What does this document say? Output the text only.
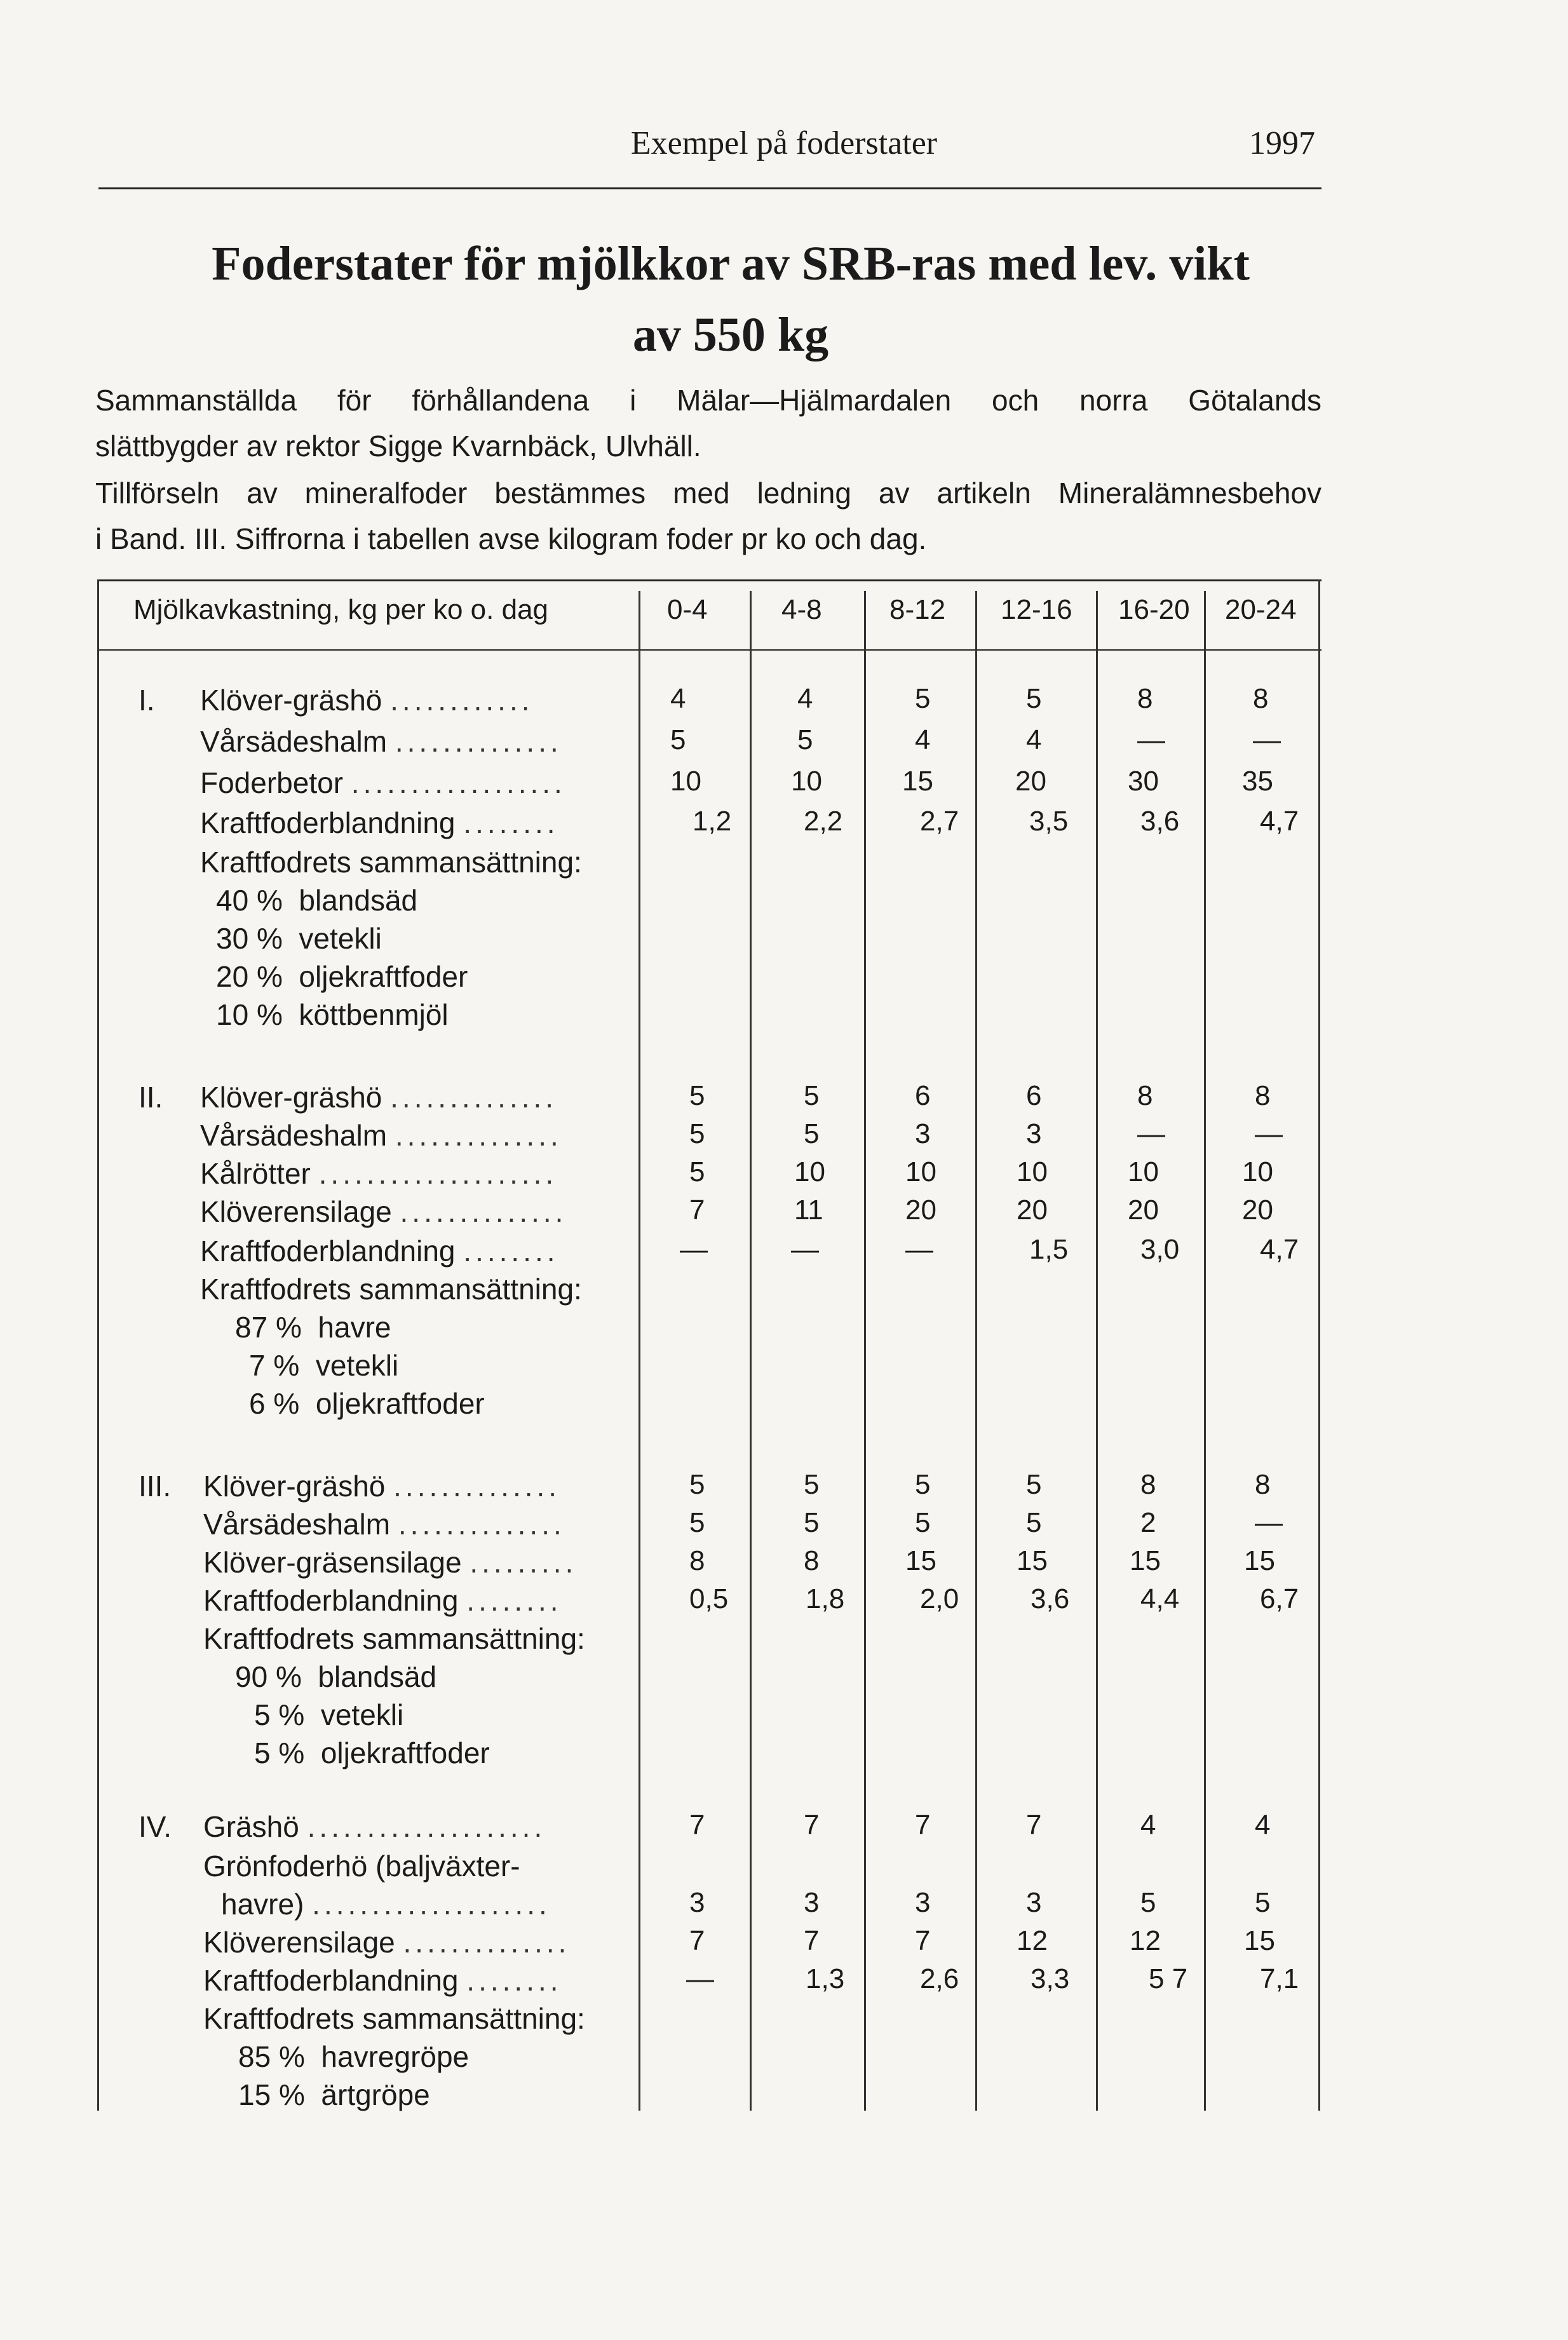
Exempel på foderstater	1997
Foderstater för mjölkkor av SRB-ras med lev. vikt
av 550 kg
Sammanställda för förhållandena i Mälar—Hjälmardalen och norra Götalands
slättbygder av rektor Sigge Kvarnbäck, Ulvhäll.
Tillförseln av mineralfoder bestämmes med ledning av artikeln Mineralämnesbehov
i Band. III. Siffrorna i tabellen avse kilogram foder pr ko och dag.
Mjölkavkastning, kg per ko o. dag	0-4	4-8 8-12 12-16 16-20 20-24
I. Klöver-gräshö ............	4	4	5	5	8	8
Vårsädeshalm ..............	5	5	4	4	—	—
Foderbetor ..................	10	10	15	20	30	35
Kraftfoderblandning ........	1,2	2,2	2,7	3,5	3,6	4,7
Kraftfodrets sammansättning:
40 % blandsäd
30 % vetekli
20 % oljekraftfoder
10 % köttbenmjöl
II. Klöver-gräshö ..............	5	5	6	6	8	8
Vårsädeshalm ..............	5	5	3	3	—	—
Kålrötter ....................	5	10	10	10	10	10
Klöverensilage ..............	7	11	20	20	20	20
Kraftfoderblandning ........	—	—	—	1,5	3,0	4,7
Kraftfodrets sammansättning:
87 % havre
7 % vetekli
6 % oljekraftfoder
III. Klöver-gräshö ..............	5	5	5	5	8	8
Vårsädeshalm ..............	5	5	5	5	2	—
Klöver-gräsensilage .........	8	8	15	15	15	15
Kraftfoderblandning ........	0,5	1,8	2,0	3,6	4,4	6,7
Kraftfodrets sammansättning:
90 % blandsäd
5 % vetekli
5 % oljekraftfoder
IV. Gräshö ....................	7	7	7	7	4	4
Grönfoderhö (baljväxter-
havre) ....................	3	3	3	3	5	5
Klöverensilage ..............	7	7	7	12	12	15
Kraftfoderblandning ........	—	1,3	2,6	3,3	5 7	7,1
Kraftfodrets sammansättning:
85 % havregröpe
15 % ärtgröpe
